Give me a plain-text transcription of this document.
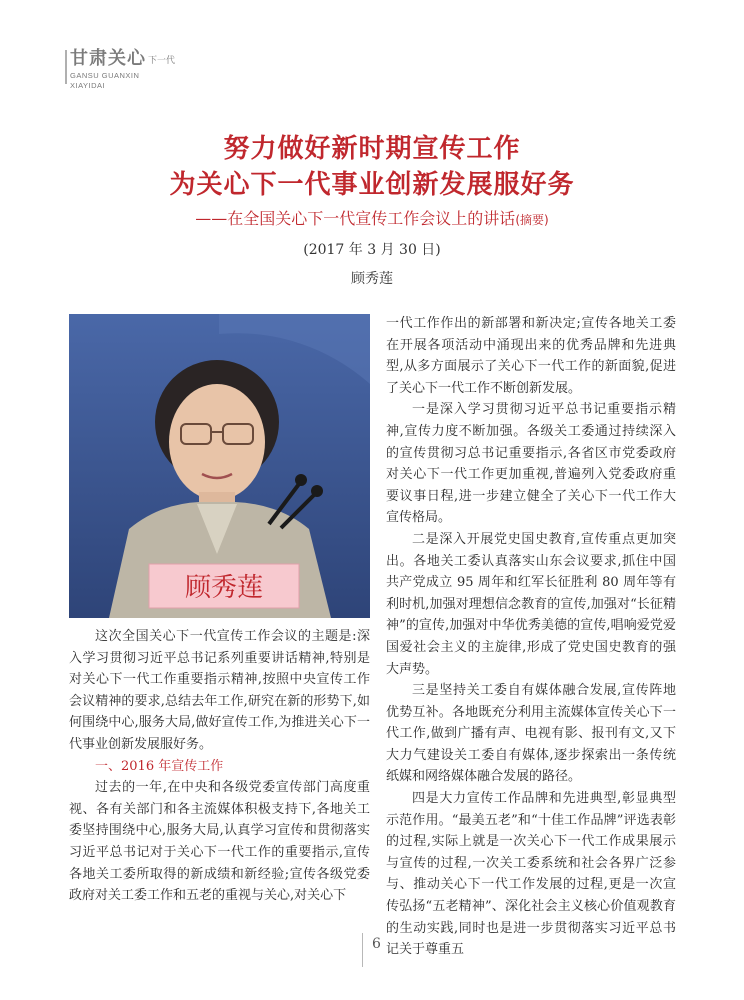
甘肃关心 下一代
GANSU GUANXIN
XIAYIDAI
努力做好新时期宣传工作
为关心下一代事业创新发展服好务
——在全国关心下一代宣传工作会议上的讲话(摘要)
(2017 年 3 月 30 日)
顾秀莲
顾秀莲

这次全国关心下一代宣传工作会议的主题是:深入学习贯彻习近平总书记系列重要讲话精神,特别是对关心下一代工作重要指示精神,按照中央宣传工作会议精神的要求,总结去年工作,研究在新的形势下,如何围绕中心,服务大局,做好宣传工作,为推进关心下一代事业创新发展服好务。

一、2016 年宣传工作

过去的一年,在中央和各级党委宣传部门高度重视、各有关部门和各主流媒体积极支持下,各地关工委坚持围绕中心,服务大局,认真学习宣传和贯彻落实习近平总书记对于关心下一代工作的重要指示,宣传各地关工委所取得的新成绩和新经验;宣传各级党委政府对关工委工作和五老的重视与关心,对关心下

一代工作作出的新部署和新决定;宣传各地关工委在开展各项活动中涌现出来的优秀品牌和先进典型,从多方面展示了关心下一代工作的新面貌,促进了关心下一代工作不断创新发展。

一是深入学习贯彻习近平总书记重要指示精神,宣传力度不断加强。各级关工委通过持续深入的宣传贯彻习总书记重要指示,各省区市党委政府对关心下一代工作更加重视,普遍列入党委政府重要议事日程,进一步建立健全了关心下一代工作大宣传格局。

二是深入开展党史国史教育,宣传重点更加突出。各地关工委认真落实山东会议要求,抓住中国共产党成立 95 周年和红军长征胜利 80 周年等有利时机,加强对理想信念教育的宣传,加强对“长征精神”的宣传,加强对中华优秀美德的宣传,唱响爱党爱国爱社会主义的主旋律,形成了党史国史教育的强大声势。

三是坚持关工委自有媒体融合发展,宣传阵地优势互补。各地既充分利用主流媒体宣传关心下一代工作,做到广播有声、电视有影、报刊有文,又下大力气建设关工委自有媒体,逐步探索出一条传统纸媒和网络媒体融合发展的路径。

四是大力宣传工作品牌和先进典型,彰显典型示范作用。“最美五老”和“十佳工作品牌”评选表彰的过程,实际上就是一次关心下一代工作成果展示与宣传的过程,一次关工委系统和社会各界广泛参与、推动关心下一代工作发展的过程,更是一次宣传弘扬“五老精神”、深化社会主义核心价值观教育的生动实践,同时也是进一步贯彻落实习近平总书记关于尊重五

6
